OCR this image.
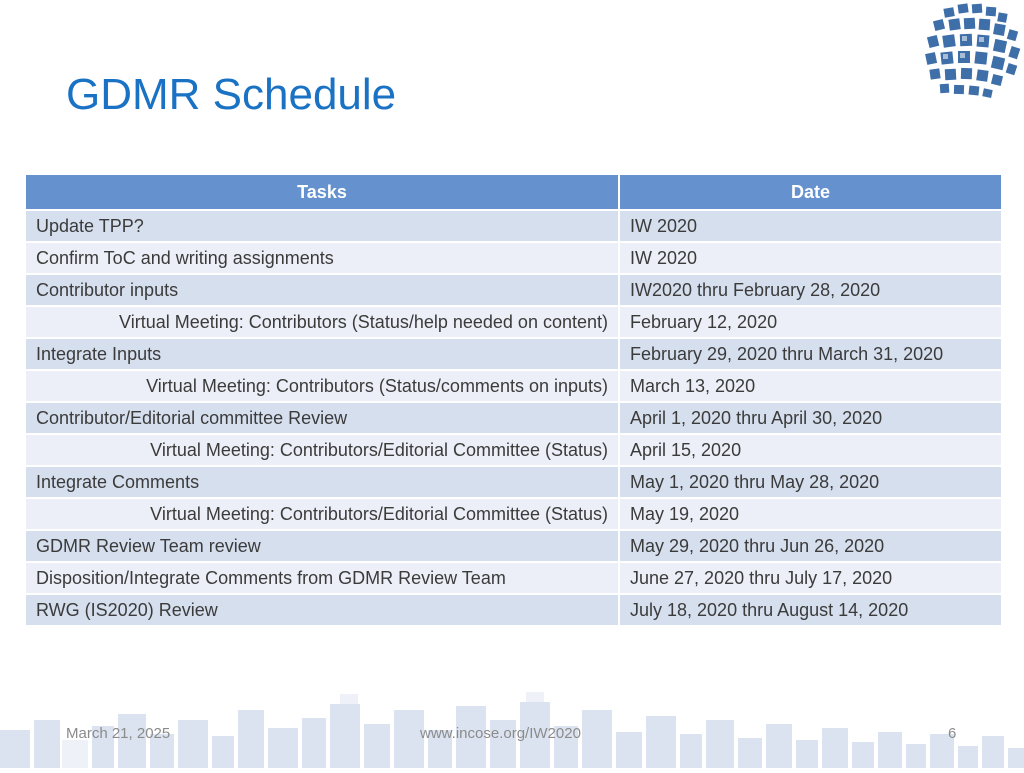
GDMR Schedule
Tasks	Date
Update TPP?	IW 2020
Confirm ToC and writing assignments	IW 2020
Contributor inputs	IW2020 thru February 28, 2020
Virtual Meeting: Contributors (Status/help needed on content)	February 12, 2020
Integrate Inputs	February 29, 2020 thru March 31, 2020
Virtual Meeting: Contributors (Status/comments on inputs)	March 13, 2020
Contributor/Editorial committee Review	April 1, 2020 thru April 30, 2020
Virtual Meeting: Contributors/Editorial Committee (Status)	April 15, 2020
Integrate Comments	May 1, 2020 thru May 28, 2020
Virtual Meeting: Contributors/Editorial Committee (Status)	May 19, 2020
GDMR Review Team review	May 29, 2020 thru Jun 26, 2020
Disposition/Integrate Comments from GDMR Review Team	June 27, 2020 thru July 17, 2020
RWG (IS2020) Review	July 18, 2020 thru August 14, 2020
March 21, 2025	www.incose.org/IW2020	6
